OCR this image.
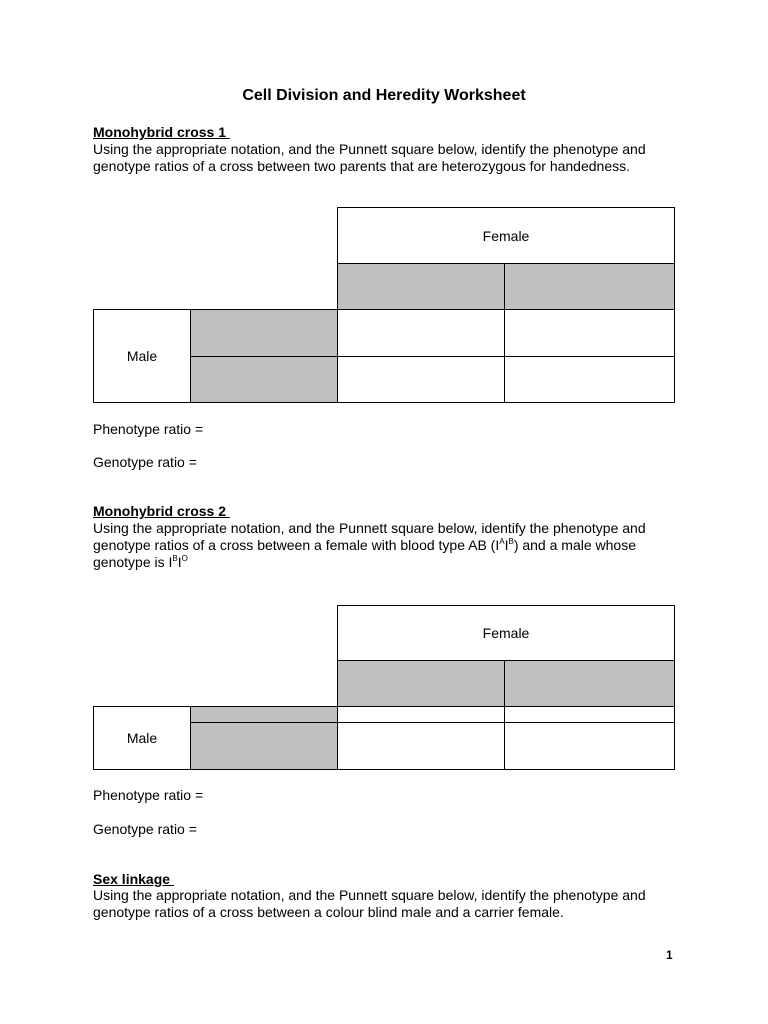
Cell Division and Heredity Worksheet
Monohybrid cross 1
Using the appropriate notation, and the Punnett square below, identify the phenotype and genotype ratios of a cross between two parents that are heterozygous for handedness.
Female
Male
Phenotype ratio =
Genotype ratio =
Monohybrid cross 2
Using the appropriate notation, and the Punnett square below, identify the phenotype and genotype ratios of a cross between a female with blood type AB $(I^AI^B)$ and a male whose genotype is $I^BI^O$
Female
Male
Phenotype ratio =
Genotype ratio =
Sex linkage
Using the appropriate notation, and the Punnett square below, identify the phenotype and genotype ratios of a cross between a colour blind male and a carrier female.
1
